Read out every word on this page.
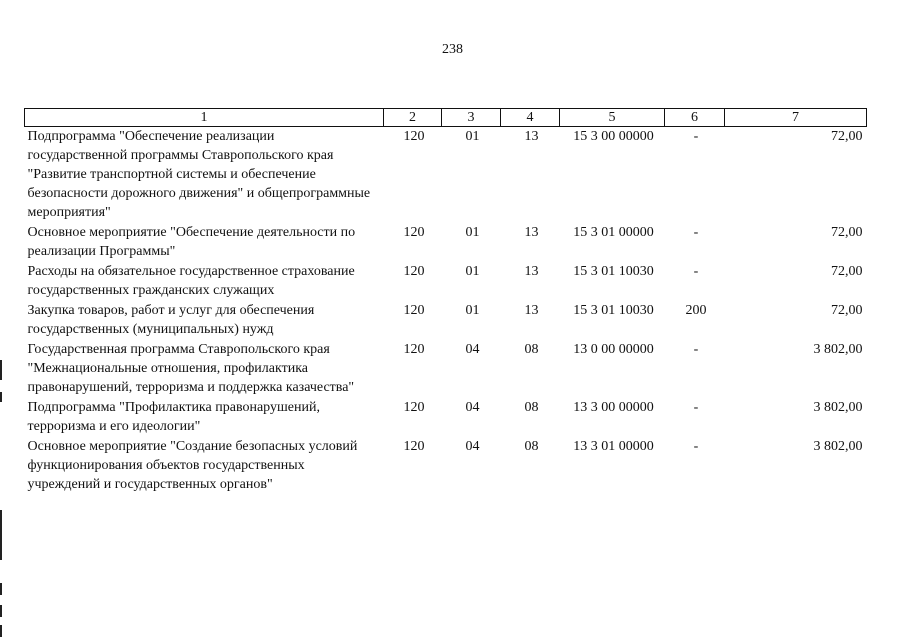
238
1	2	3	4	5	6	7
Подпрограмма "Обеспечение реализации государственной программы Ставропольского края "Развитие транспортной системы и обеспечение безопасности дорожного движения" и общепрограммные мероприятия"	120	01	13	15 3 00 00000	-	72,00
Основное мероприятие "Обеспечение деятельности по реализации Программы"	120	01	13	15 3 01 00000	-	72,00
Расходы на обязательное государственное страхование государственных гражданских служащих	120	01	13	15 3 01 10030	-	72,00
Закупка товаров, работ и услуг для обеспечения государственных (муниципальных) нужд	120	01	13	15 3 01 10030	200	72,00
Государственная программа Ставропольского края "Межнациональные отношения, профилактика правонарушений, терроризма и поддержка казачества"	120	04	08	13 0 00 00000	-	3 802,00
Подпрограмма "Профилактика правонарушений, терроризма и его идеологии"	120	04	08	13 3 00 00000	-	3 802,00
Основное мероприятие "Создание безопасных условий функционирования объектов государственных учреждений и государственных органов"	120	04	08	13 3 01 00000	-	3 802,00
